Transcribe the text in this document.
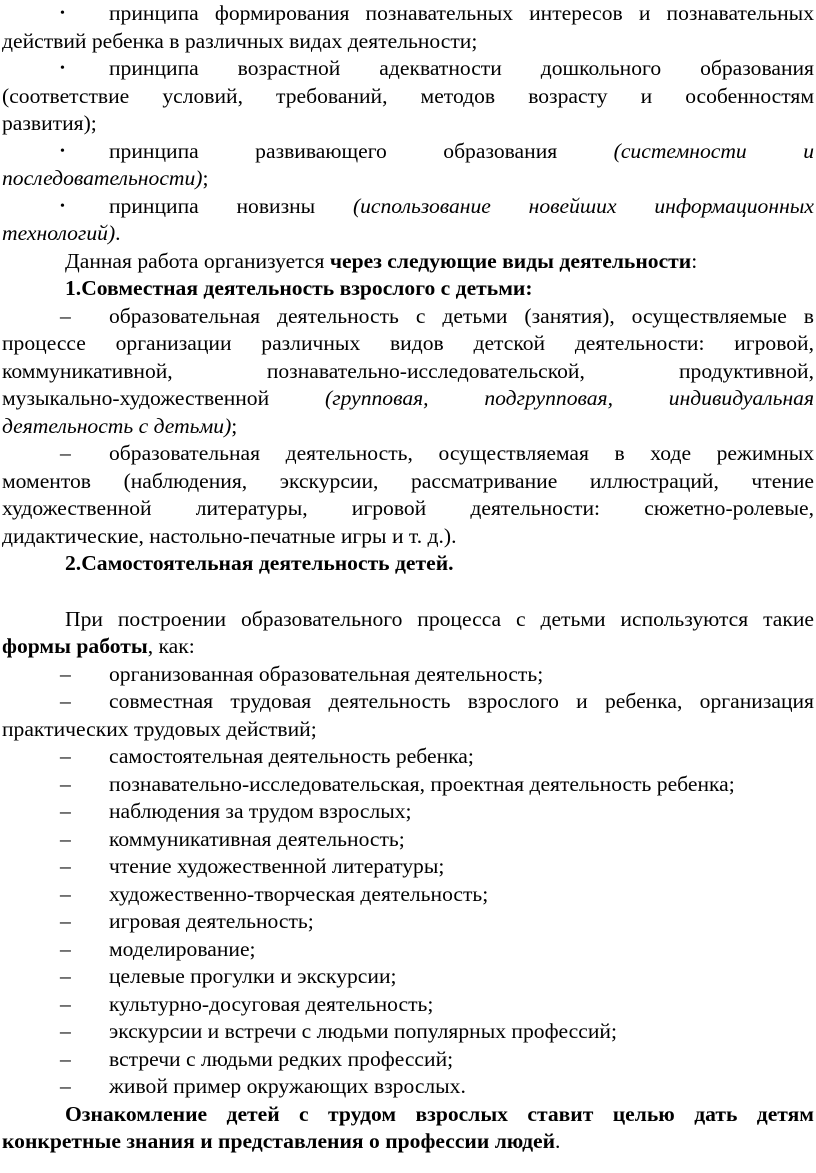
•	принципа формирования познавательных интересов и познавательных
действий ребенка в различных видах деятельности;
•	принципа возрастной адекватности дошкольного образования
(соответствие условий, требований, методов возрасту и особенностям
развития);
•	принципа развивающего образования	(системности и
последовательности);
•	принципа новизны (использование новейших информационных
технологий).

Данная работа организуется через следующие виды деятельности:

1.Совместная деятельность взрослого с детьми:

–	образовательная деятельность с детьми (занятия), осуществляемые в
процессе организации различных видов детской деятельности: игровой,
коммуникативной, познавательно-исследовательской, продуктивной,
музыкально-художественной	(групповая, подгрупповая, индивидуальная
деятельность с детьми);
–	образовательная деятельность, осуществляемая в ходе режимных
моментов (наблюдения, экскурсии, рассматривание иллюстраций, чтение
художественной литературы, игровой деятельности: сюжетно-ролевые,
дидактические, настольно-печатные игры и т. д.).

2.Самостоятельная деятельность детей.

При построении образовательного процесса с детьми используются такие
формы работы, как:
–	организованная образовательная деятельность;
–	совместная трудовая деятельность взрослого и ребенка, организация
практических трудовых действий;
–	самостоятельная деятельность ребенка;
–	познавательно-исследовательская, проектная деятельность ребенка;
–	наблюдения за трудом взрослых;
–	коммуникативная деятельность;
–	чтение художественной литературы;
–	художественно-творческая деятельность;
–	игровая деятельность;
–	моделирование;
–	целевые прогулки и экскурсии;
–	культурно-досуговая деятельность;
–	экскурсии и встречи с людьми популярных профессий;
–	встречи с людьми редких профессий;
–	живой пример окружающих взрослых.
Ознакомление детей с трудом взрослых ставит целью дать детям
конкретные знания и представления о профессии людей.
